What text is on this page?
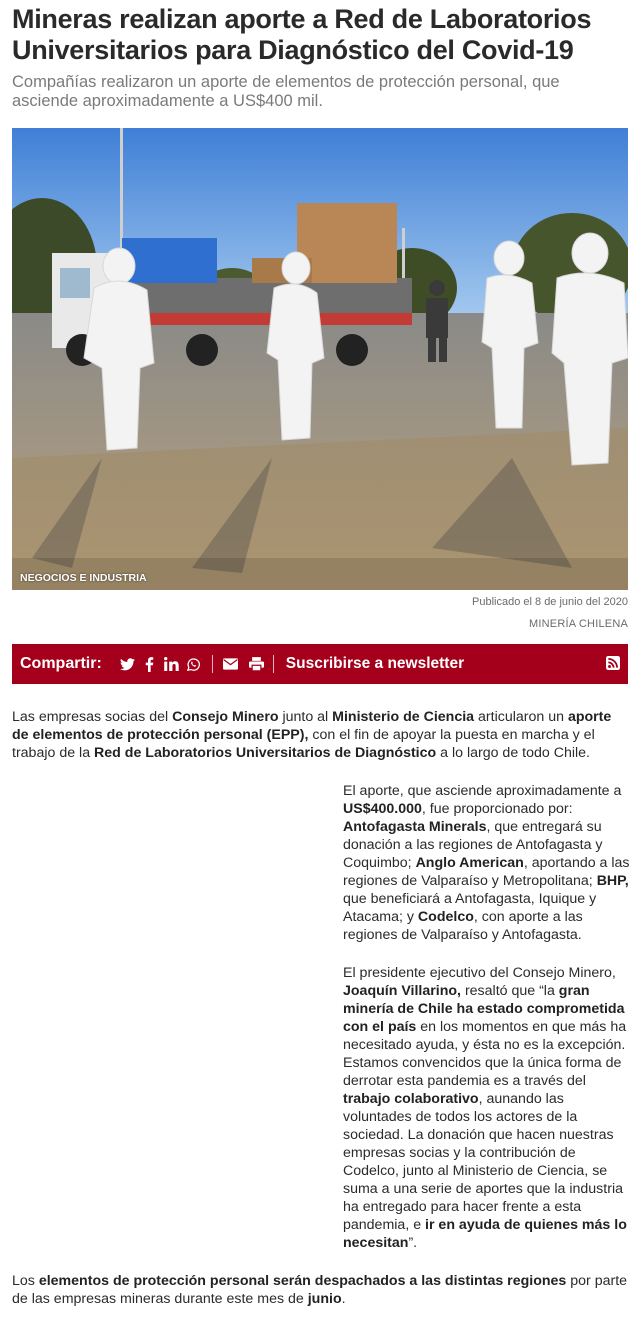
Mineras realizan aporte a Red de Laboratorios Universitarios para Diagnóstico del Covid-19
Compañías realizaron un aporte de elementos de protección personal, que asciende aproximadamente a US$400 mil.
NEGOCIOS E INDUSTRIA
Publicado el 8 de junio del 2020
MINERÍA CHILENA
Compartir:	Suscribirse a newsletter

Las empresas socias del Consejo Minero junto al Ministerio de Ciencia articularon un aporte de elementos de protección personal (EPP), con el fin de apoyar la puesta en marcha y el trabajo de la Red de Laboratorios Universitarios de Diagnóstico a lo largo de todo Chile.

El aporte, que asciende aproximadamente a US$400.000, fue proporcionado por: Antofagasta Minerals, que entregará su donación a las regiones de Antofagasta y Coquimbo; Anglo American, aportando a las regiones de Valparaíso y Metropolitana; BHP, que beneficiará a Antofagasta, Iquique y Atacama; y Codelco, con aporte a las regiones de Valparaíso y Antofagasta.

El presidente ejecutivo del Consejo Minero, Joaquín Villarino, resaltó que “la gran minería de Chile ha estado comprometida con el país en los momentos en que más ha necesitado ayuda, y ésta no es la excepción. Estamos convencidos que la única forma de derrotar esta pandemia es a través del trabajo colaborativo, aunando las voluntades de todos los actores de la sociedad. La donación que hacen nuestras empresas socias y la contribución de Codelco, junto al Ministerio de Ciencia, se suma a una serie de aportes que la industria ha entregado para hacer frente a esta pandemia, e ir en ayuda de quienes más lo necesitan”.

Los elementos de protección personal serán despachados a las distintas regiones por parte de las empresas mineras durante este mes de junio.
